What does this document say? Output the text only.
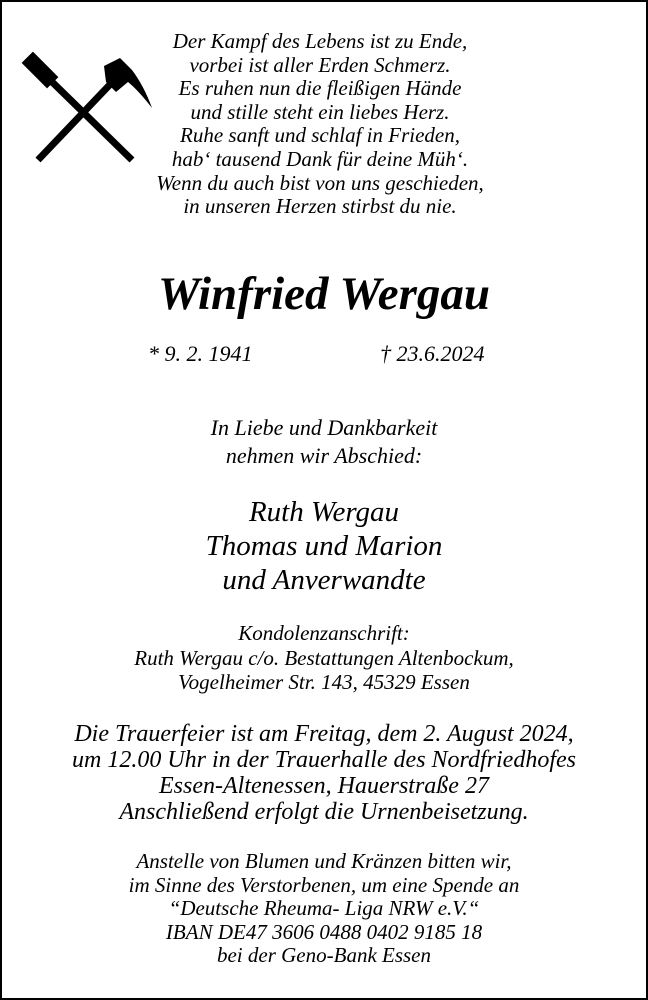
Der Kampf des Lebens ist zu Ende,
vorbei ist aller Erden Schmerz.
Es ruhen nun die fleißigen Hände
und stille steht ein liebes Herz.
Ruhe sanft und schlaf in Frieden,
hab‘ tausend Dank für deine Müh‘.
Wenn du auch bist von uns geschieden,
in unseren Herzen stirbst du nie.
Winfried Wergau
* 9. 2. 1941	† 23.6.2024
In Liebe und Dankbarkeit
nehmen wir Abschied:
Ruth Wergau
Thomas und Marion
und Anverwandte
Kondolenzanschrift:
Ruth Wergau c/o. Bestattungen Altenbockum,
Vogelheimer Str. 143, 45329 Essen
Die Trauerfeier ist am Freitag, dem 2. August 2024,
um 12.00 Uhr in der Trauerhalle des Nordfriedhofes
Essen-Altenessen, Hauerstraße 27
Anschließend erfolgt die Urnenbeisetzung.
Anstelle von Blumen und Kränzen bitten wir,
im Sinne des Verstorbenen, um eine Spende an
“Deutsche Rheuma- Liga NRW e.V.“
IBAN DE47 3606 0488 0402 9185 18
bei der Geno-Bank Essen
